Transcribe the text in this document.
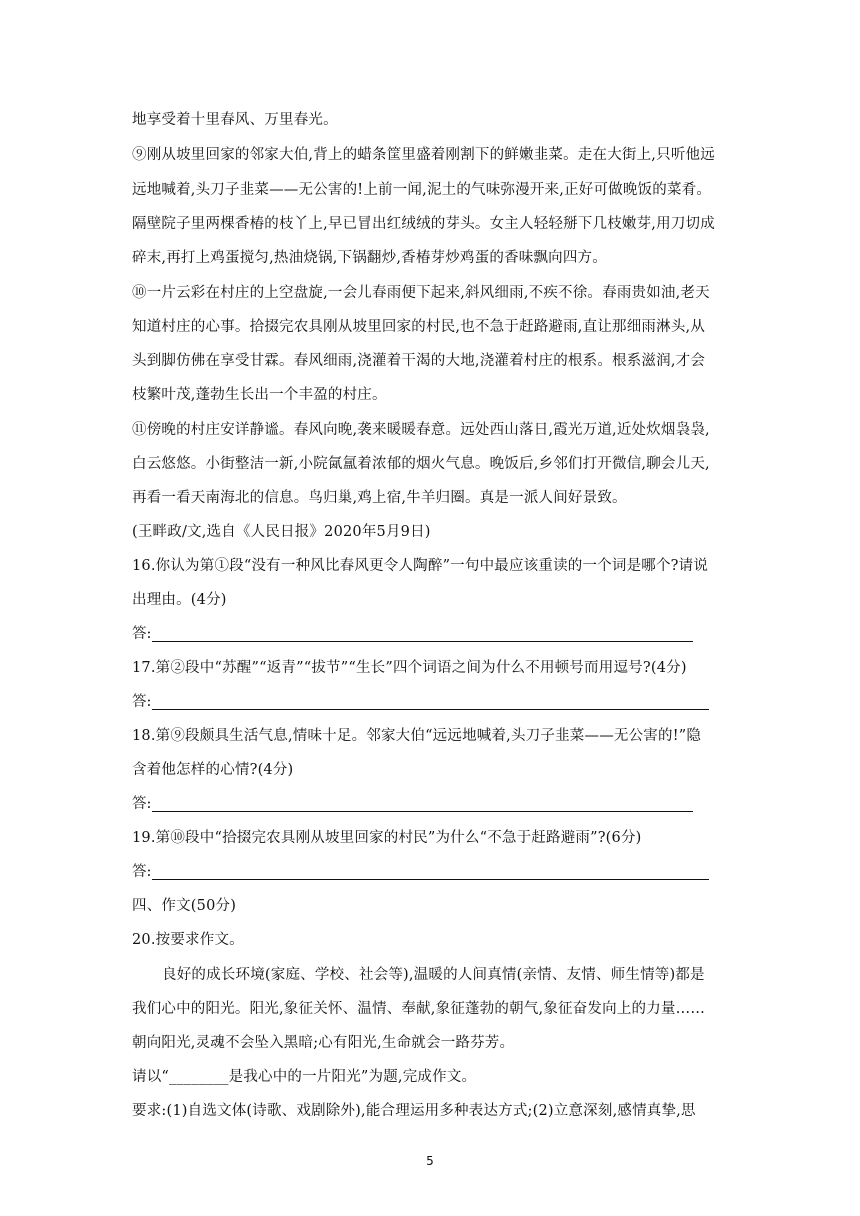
地享受着十里春风、万里春光。
⑨刚从坡里回家的邻家大伯,背上的蜡条筐里盛着刚割下的鲜嫩韭菜。走在大街上,只听他远
远地喊着,头刀子韭菜——无公害的!上前一闻,泥土的气味弥漫开来,正好可做晚饭的菜肴。
隔壁院子里两棵香椿的枝丫上,早已冒出红绒绒的芽头。女主人轻轻掰下几枝嫩芽,用刀切成
碎末,再打上鸡蛋搅匀,热油烧锅,下锅翻炒,香椿芽炒鸡蛋的香味飘向四方。
⑩一片云彩在村庄的上空盘旋,一会儿春雨便下起来,斜风细雨,不疾不徐。春雨贵如油,老天
知道村庄的心事。拾掇完农具刚从坡里回家的村民,也不急于赶路避雨,直让那细雨淋头,从
头到脚仿佛在享受甘霖。春风细雨,浇灌着干渴的大地,浇灌着村庄的根系。根系滋润,才会
枝繁叶茂,蓬勃生长出一个丰盈的村庄。
⑪傍晚的村庄安详静谧。春风向晚,袭来暖暖春意。远处西山落日,霞光万道,近处炊烟袅袅,
白云悠悠。小街整洁一新,小院氤氲着浓郁的烟火气息。晚饭后,乡邻们打开微信,聊会儿天,
再看一看天南海北的信息。鸟归巢,鸡上宿,牛羊归圈。真是一派人间好景致。
(王畔政/文,选自《人民日报》2020年5月9日)
16.你认为第①段“没有一种风比春风更令人陶醉”一句中最应该重读的一个词是哪个?请说
出理由。(4分)
答:
17.第②段中“苏醒”“返青”“拔节”“生长”四个词语之间为什么不用顿号而用逗号?(4分)
答:
18.第⑨段颇具生活气息,情味十足。邻家大伯“远远地喊着,头刀子韭菜——无公害的!”隐
含着他怎样的心情?(4分)
答:
19.第⑩段中“拾掇完农具刚从坡里回家的村民”为什么“不急于赶路避雨”?(6分)
答:
四、作文(50分)
20.按要求作文。
良好的成长环境(家庭、学校、社会等),温暖的人间真情(亲情、友情、师生情等)都是
我们心中的阳光。阳光,象征关怀、温情、奉献,象征蓬勃的朝气,象征奋发向上的力量……
朝向阳光,灵魂不会坠入黑暗;心有阳光,生命就会一路芬芳。
请以“________是我心中的一片阳光”为题,完成作文。
要求:(1)自选文体(诗歌、戏剧除外),能合理运用多种表达方式;(2)立意深刻,感情真挚,思
5
